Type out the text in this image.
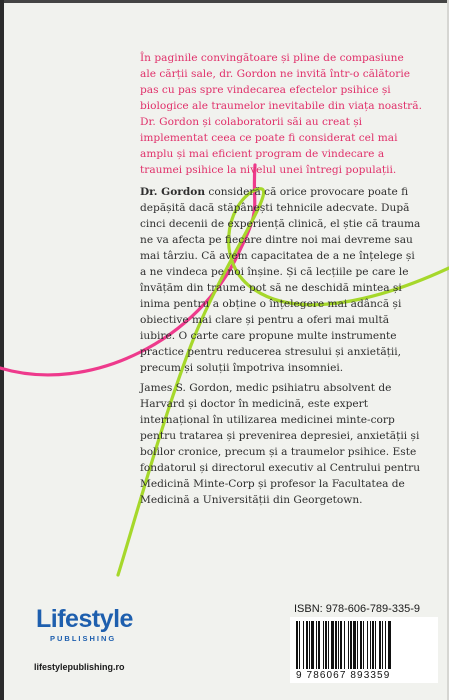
În paginile convingătoare și pline de compasiune ale cărții sale, dr. Gordon ne invită într-o călătorie pas cu pas spre vindecarea efectelor psihice și biologice ale traumelor inevitabile din viața noastră. Dr. Gordon și colaboratorii săi au creat și implementat ceea ce poate fi considerat cel mai amplu și mai eficient program de vindecare a traumei psihice la nivelul unei întregi populații.

Dr. Gordon consideră că orice provocare poate fi depășită dacă stăpânești tehnicile adecvate. După cinci decenii de experiență clinică, el știe că trauma ne va afecta pe fiecare dintre noi mai devreme sau mai târziu. Că avem capacitatea de a ne înțelege și a ne vindeca pe noi înșine. Și că lecțiile pe care le învățăm din traume pot să ne deschidă mintea și inima pentru a obține o înțelegere mai adâncă și obiective mai clare și pentru a oferi mai multă iubire. O carte care propune multe instrumente practice pentru reducerea stresului și anxietății, precum și soluții împotriva insomniei.

James S. Gordon, medic psihiatru absolvent de Harvard și doctor în medicină, este expert internațional în utilizarea medicinei minte-corp pentru tratarea și prevenirea depresiei, anxietății și bolilor cronice, precum și a traumelor psihice. Este fondatorul și directorul executiv al Centrului pentru Medicină Minte-Corp și profesor la Facultatea de Medicină a Universității din Georgetown.

Lifestyle
PUBLISHING
lifestylepublishing.ro
ISBN: 978-606-789-335-9
9 786067 893359
